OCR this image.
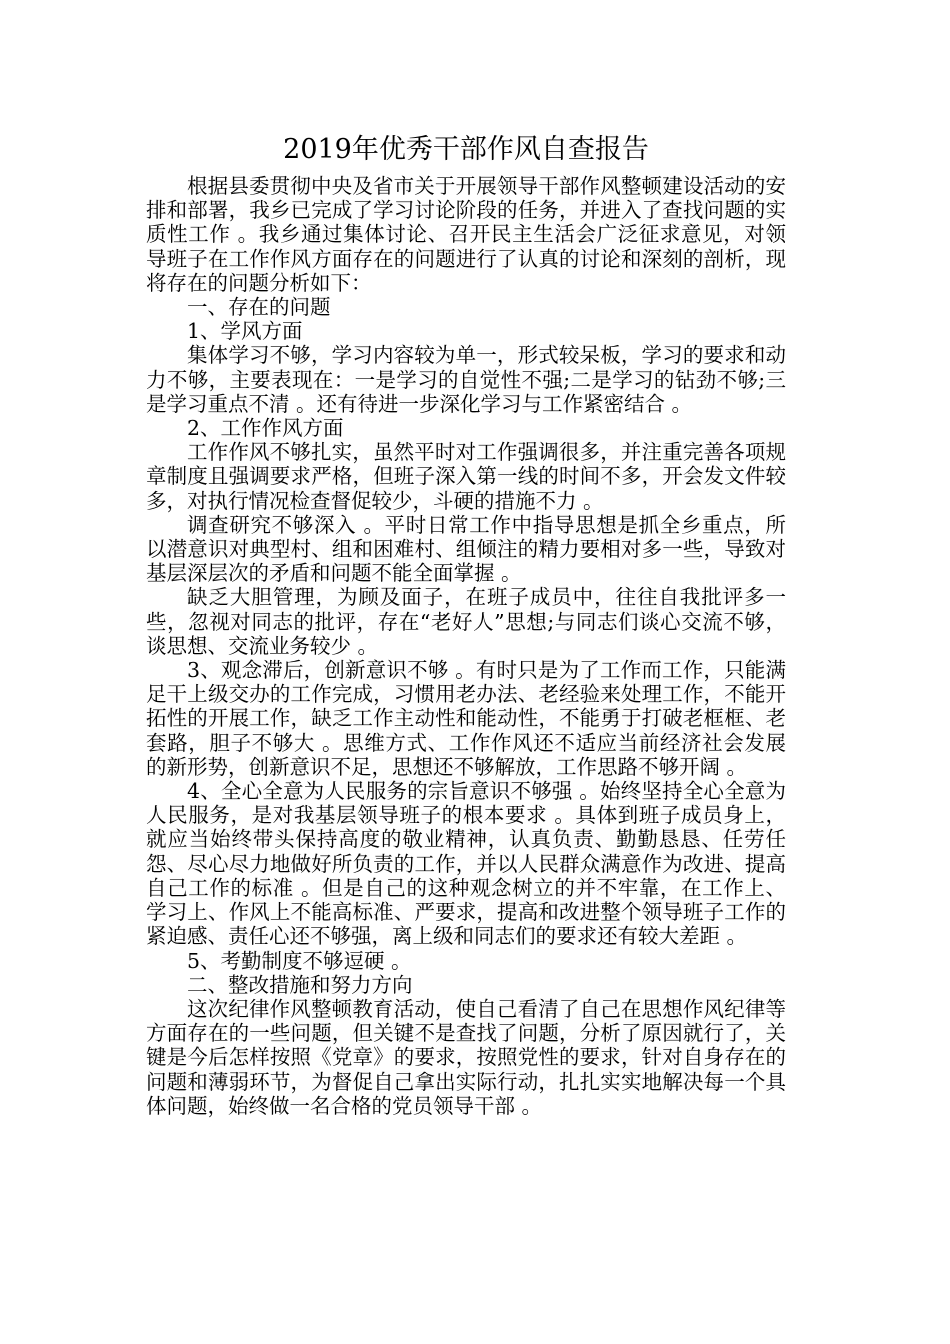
2019年优秀干部作风自查报告

根据县委贯彻中央及省市关于开展领导干部作风整顿建设活动的安排和部署，我乡已完成了学习讨论阶段的任务，并进入了查找问题的实质性工作 。我乡通过集体讨论、召开民主生活会广泛征求意见，对领导班子在工作作风方面存在的问题进行了认真的讨论和深刻的剖析，现将存在的问题分析如下：

一、存在的问题

1、学风方面

集体学习不够，学习内容较为单一，形式较呆板，学习的要求和动力不够，主要表现在：一是学习的自觉性不强;二是学习的钻劲不够;三是学习重点不清 。还有待进一步深化学习与工作紧密结合 。

2、工作作风方面

工作作风不够扎实，虽然平时对工作强调很多，并注重完善各项规章制度且强调要求严格，但班子深入第一线的时间不多，开会发文件较多，对执行情况检查督促较少，斗硬的措施不力 。

调查研究不够深入 。平时日常工作中指导思想是抓全乡重点，所以潜意识对典型村、组和困难村、组倾注的精力要相对多一些，导致对基层深层次的矛盾和问题不能全面掌握 。

缺乏大胆管理，为顾及面子，在班子成员中，往往自我批评多一些，忽视对同志的批评，存在“老好人”思想;与同志们谈心交流不够，谈思想、交流业务较少 。

3、观念滞后，创新意识不够 。有时只是为了工作而工作，只能满足干上级交办的工作完成，习惯用老办法、老经验来处理工作，不能开拓性的开展工作，缺乏工作主动性和能动性，不能勇于打破老框框、老套路，胆子不够大 。思维方式、工作作风还不适应当前经济社会发展的新形势，创新意识不足，思想还不够解放，工作思路不够开阔 。

4、全心全意为人民服务的宗旨意识不够强 。始终坚持全心全意为人民服务，是对我基层领导班子的根本要求 。具体到班子成员身上，就应当始终带头保持高度的敬业精神，认真负责、勤勤恳恳、任劳任怨、尽心尽力地做好所负责的工作，并以人民群众满意作为改进、提高自己工作的标准 。但是自己的这种观念树立的并不牢靠，在工作上、学习上、作风上不能高标准、严要求，提高和改进整个领导班子工作的紧迫感、责任心还不够强，离上级和同志们的要求还有较大差距 。

5、考勤制度不够逗硬 。

二、整改措施和努力方向

这次纪律作风整顿教育活动，使自己看清了自己在思想作风纪律等方面存在的一些问题，但关键不是查找了问题，分析了原因就行了，关键是今后怎样按照《党章》的要求，按照党性的要求，针对自身存在的问题和薄弱环节，为督促自己拿出实际行动，扎扎实实地解决每一个具体问题，始终做一名合格的党员领导干部 。
